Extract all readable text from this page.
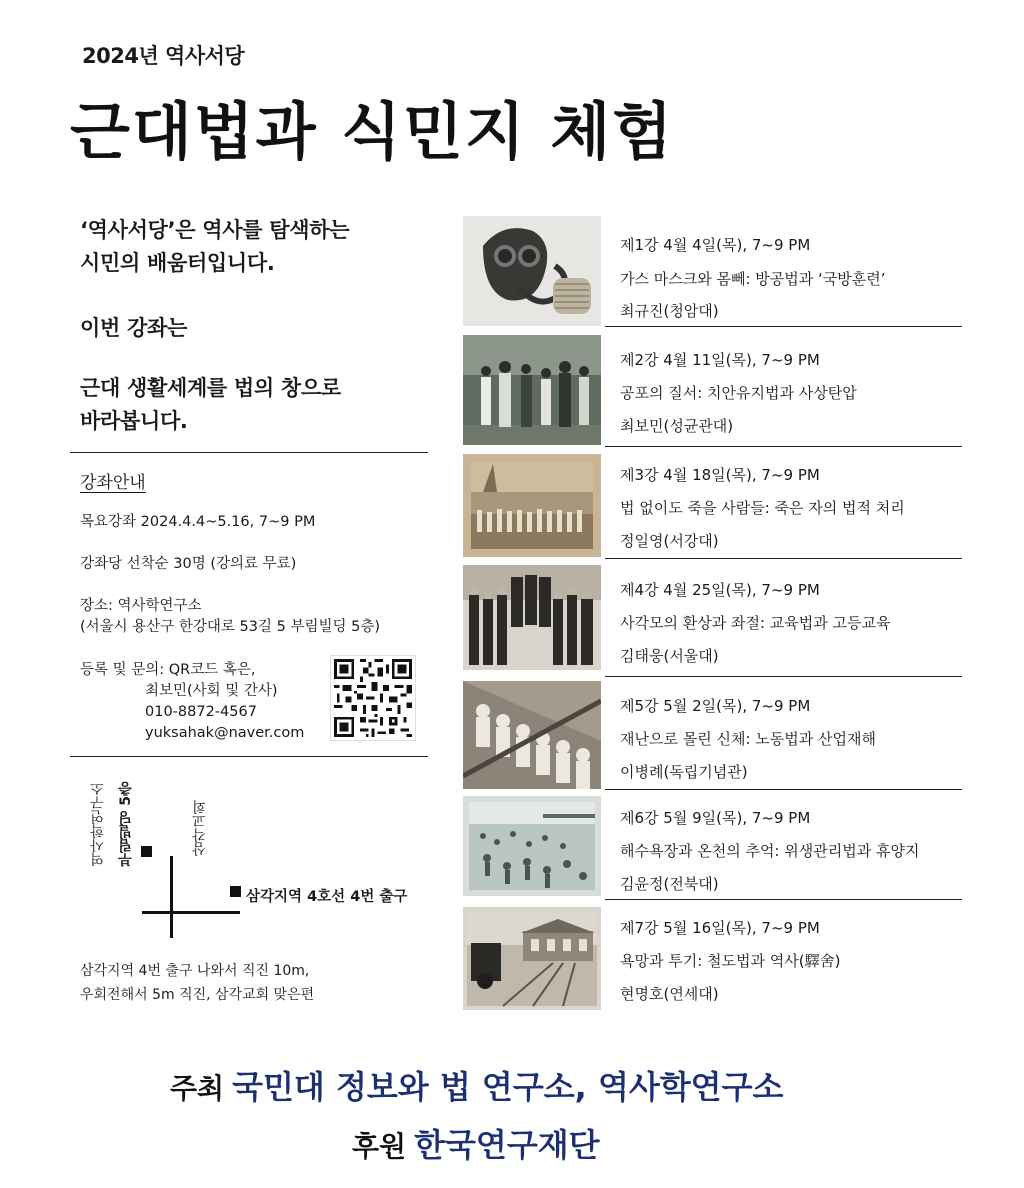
2024년 역사서당
근대법과 식민지 체험
‘역사서당’은 역사를 탐색하는
시민의 배움터입니다.
이번 강좌는
근대 생활세계를 법의 창으로
바라봅니다.
강좌안내
목요강좌 2024.4.4~5.16, 7~9 PM
강좌당 선착순 30명 (강의료 무료)
장소: 역사학연구소
(서울시 용산구 한강대로 53길 5 부림빌딩 5층)
등록 및 문의: QR코드 혹은,
최보민(사회 및 간사)
010-8872-4567
yuksahak@naver.com
역사학연구소 부림빌딩 5층	삼각교회
삼각지역 4호선 4번 출구
삼각지역 4번 출구 나와서 직진 10m,
우회전해서 5m 직진, 삼각교회 맞은편
제1강 4월 4일(목), 7~9 PM
가스 마스크와 몸뻬: 방공법과 ‘국방훈련’
최규진(청암대)
제2강 4월 11일(목), 7~9 PM
공포의 질서: 치안유지법과 사상탄압
최보민(성균관대)
제3강 4월 18일(목), 7~9 PM
법 없이도 죽을 사람들: 죽은 자의 법적 처리
정일영(서강대)
제4강 4월 25일(목), 7~9 PM
사각모의 환상과 좌절: 교육법과 고등교육
김태웅(서울대)
제5강 5월 2일(목), 7~9 PM
재난으로 몰린 신체: 노동법과 산업재해
이병례(독립기념관)
제6강 5월 9일(목), 7~9 PM
해수욕장과 온천의 추억: 위생관리법과 휴양지
김윤정(전북대)
제7강 5월 16일(목), 7~9 PM
욕망과 투기: 철도법과 역사(驛舍)
현명호(연세대)
주최 국민대 정보와 법 연구소, 역사학연구소
후원 한국연구재단
